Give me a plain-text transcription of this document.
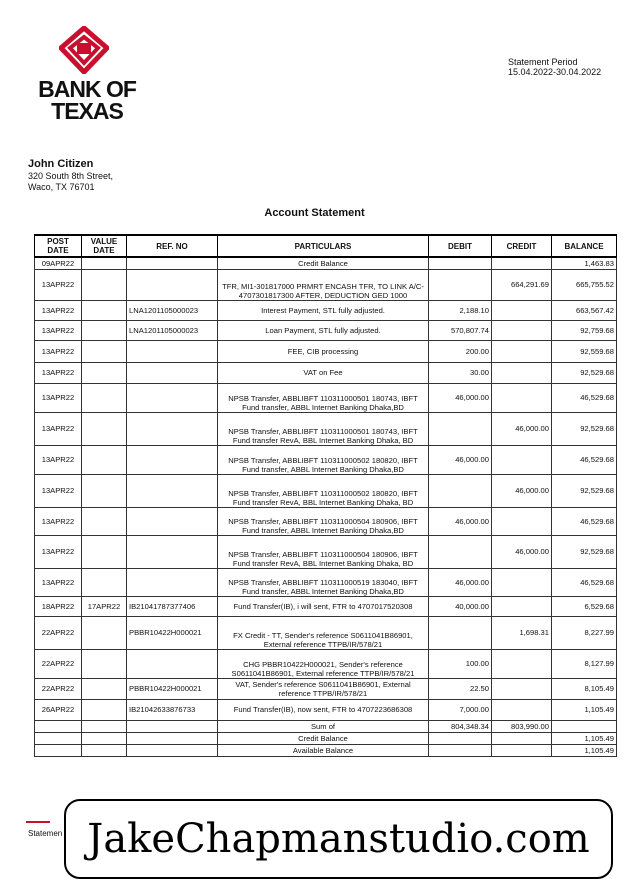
BANK OF
TEXAS
Statement Period
15.04.2022-30.04.2022
John Citizen
320 South 8th Street,
Waco, TX 76701
Account Statement
POST DATE	VALUE DATE	REF. NO	PARTICULARS	DEBIT	CREDIT	BALANCE
09APR22			Credit Balance			1,463.83
13APR22			TFR, MI1-301817000 PRMRT ENCASH TFR, TO LINK A/C-4707301817300 AFTER, DEDUCTION GED 1000		664,291.69	665,755.52
13APR22		LNA1201105000023	Interest Payment, STL fully adjusted.	2,188.10		663,567.42
13APR22		LNA1201105000023	Loan Payment, STL fully adjusted.	570,807.74		92,759.68
13APR22			FEE, CIB processing	200.00		92,559.68
13APR22			VAT on Fee	30.00		92,529.68
13APR22			NPSB Transfer, ABBLIBFT 110311000501 180743, IBFT Fund transfer, ABBL Internet Banking Dhaka,BD	46,000.00		46,529.68
13APR22			NPSB Transfer, ABBLIBFT 110311000501 180743, IBFT Fund transfer RevA, BBL Internet Banking Dhaka, BD		46,000.00	92,529.68
13APR22			NPSB Transfer, ABBLIBFT 110311000502 180820, IBFT Fund transfer, ABBL Internet Banking Dhaka,BD	46,000.00		46,529.68
13APR22			NPSB Transfer, ABBLIBFT 110311000502 180820, IBFT Fund transfer RevA, BBL Internet Banking Dhaka, BD		46,000.00	92,529.68
13APR22			NPSB Transfer, ABBLIBFT 110311000504 180906, IBFT Fund transfer, ABBL Internet Banking Dhaka,BD	46,000.00		46,529.68
13APR22			NPSB Transfer, ABBLIBFT 110311000504 180906, IBFT Fund transfer RevA, BBL Internet Banking Dhaka, BD		46,000.00	92,529.68
13APR22			NPSB Transfer, ABBLIBFT 110311000519 183040, IBFT Fund transfer, ABBL Internet Banking Dhaka,BD	46,000.00		46,529.68
18APR22	17APR22	IB21041787377406	Fund Transfer(IB), i will sent, FTR to 4707017520308	40,000.00		6,529.68
22APR22		PBBR10422H000021	FX Credit - TT, Sender's reference S0611041B86901, External reference TTPB/IR/578/21		1,698.31	8,227.99
22APR22			CHG PBBR10422H000021, Sender's reference S0611041B86901, External reference TTPB/IR/578/21	100.00		8,127.99
22APR22		PBBR10422H000021	VAT, Sender's reference S0611041B86901, External reference TTPB/IR/578/21	22.50		8,105.49
26APR22		IB21042633876733	Fund Transfer(IB), now sent, FTR to 4707223686308	7,000.00		1,105.49
			Sum of	804,348.34	803,990.00	
			Credit Balance			1,105.49
			Available Balance			1,105.49
Statemen JakeChapmanstudio.com
